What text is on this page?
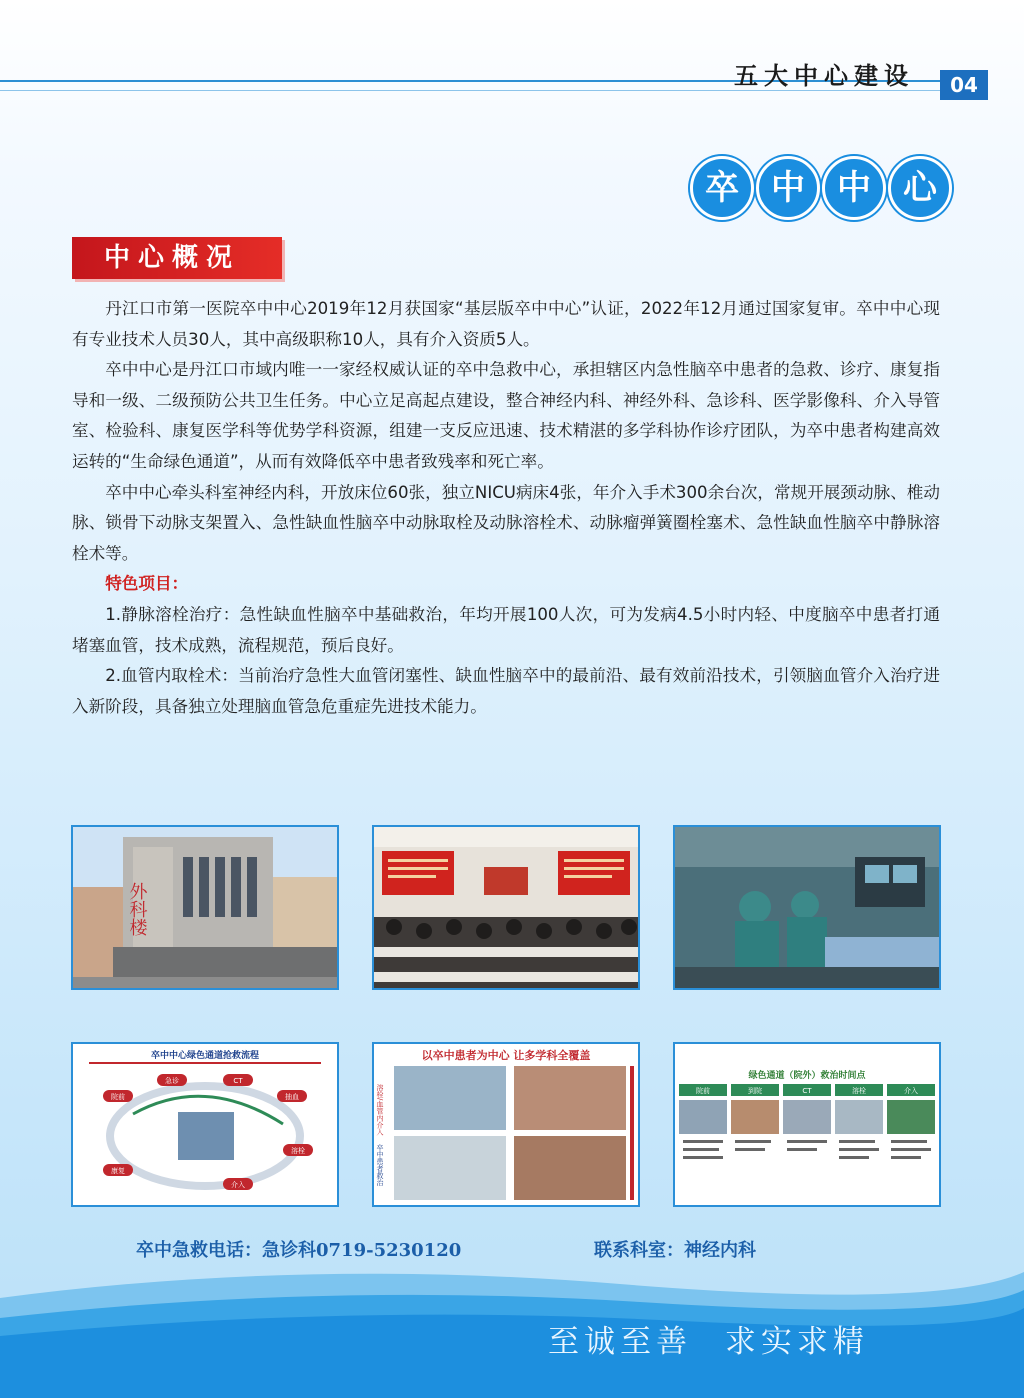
五大中心建设	04
卒 中 中 心
中心概况

丹江口市第一医院卒中中心2019年12月获国家“基层版卒中中心”认证，2022年12月通过国家复审。卒中中心现有专业技术人员30人，其中高级职称10人，具有介入资质5人。

卒中中心是丹江口市域内唯一一家经权威认证的卒中急救中心，承担辖区内急性脑卒中患者的急救、诊疗、康复指导和一级、二级预防公共卫生任务。中心立足高起点建设，整合神经内科、神经外科、急诊科、医学影像科、介入导管室、检验科、康复医学科等优势学科资源，组建一支反应迅速、技术精湛的多学科协作诊疗团队，为卒中患者构建高效运转的“生命绿色通道”，从而有效降低卒中患者致残率和死亡率。

卒中中心牵头科室神经内科，开放床位60张，独立NICU病床4张，年介入手术300余台次，常规开展颈动脉、椎动脉、锁骨下动脉支架置入、急性缺血性脑卒中动脉取栓及动脉溶栓术、动脉瘤弹簧圈栓塞术、急性缺血性脑卒中静脉溶栓术等。

特色项目：

1.静脉溶栓治疗：急性缺血性脑卒中基础救治，年均开展100人次，可为发病4.5小时内轻、中度脑卒中患者打通堵塞血管，技术成熟，流程规范，预后良好。

2.血管内取栓术：当前治疗急性大血管闭塞性、缺血性脑卒中的最前沿、最有效前沿技术，引领脑血管介入治疗进入新阶段，具备独立处理脑血管急危重症先进技术能力。

外科楼
卒中中心绿色通道抢救流程
院前
急诊	CT
抽血
溶栓
介入
康复
以卒中患者为中心 让多学科全覆盖
溶栓/血管内介入
卒中患者救治
绿色通道（院外）救治时间点
院前	到院	CT	溶栓	介入
卒中急救电话：急诊科0719-5230120	联系科室：神经内科
至诚至善 求实求精
